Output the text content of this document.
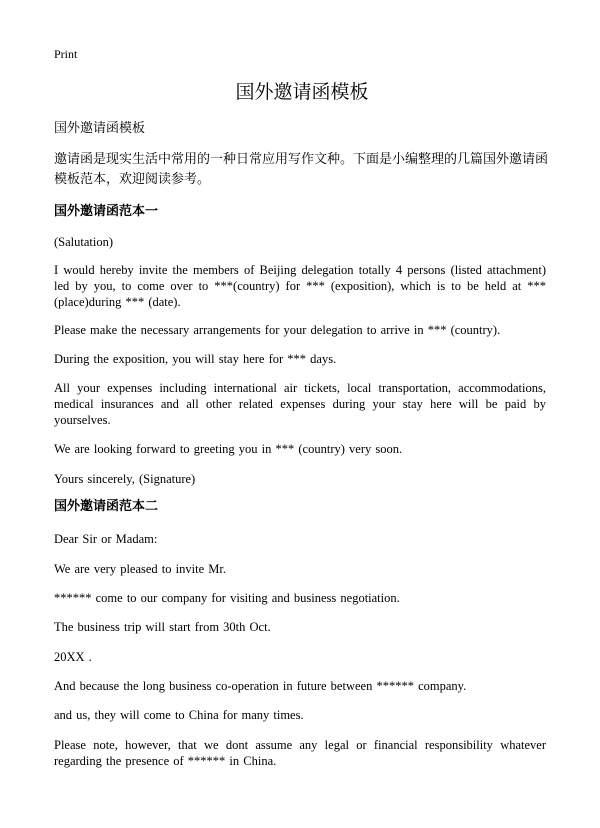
Print
国外邀请函模板
国外邀请函模板
邀请函是现实生活中常用的一种日常应用写作文种。下面是小编整理的几篇国外邀请函模板范本，欢迎阅读参考。
国外邀请函范本一
(Salutation)
I would hereby invite the members of Beijing delegation totally 4 persons (listed attachment) led by you, to come over to ***(country) for *** (exposition), which is to be held at *** (place)during *** (date).
Please make the necessary arrangements for your delegation to arrive in *** (country).
During the exposition, you will stay here for *** days.
All your expenses including international air tickets, local transportation, accommodations, medical insurances and all other related expenses during your stay here will be paid by yourselves.
We are looking forward to greeting you in *** (country) very soon.
Yours sincerely, (Signature)
国外邀请函范本二
Dear Sir or Madam:
We are very pleased to invite Mr.
****** come to our company for visiting and business negotiation.
The business trip will start from 30th Oct.
20XX .
And because the long business co-operation in future between ****** company.
and us, they will come to China for many times.
Please note, however, that we dont assume any legal or financial responsibility whatever regarding the presence of ****** in China.
